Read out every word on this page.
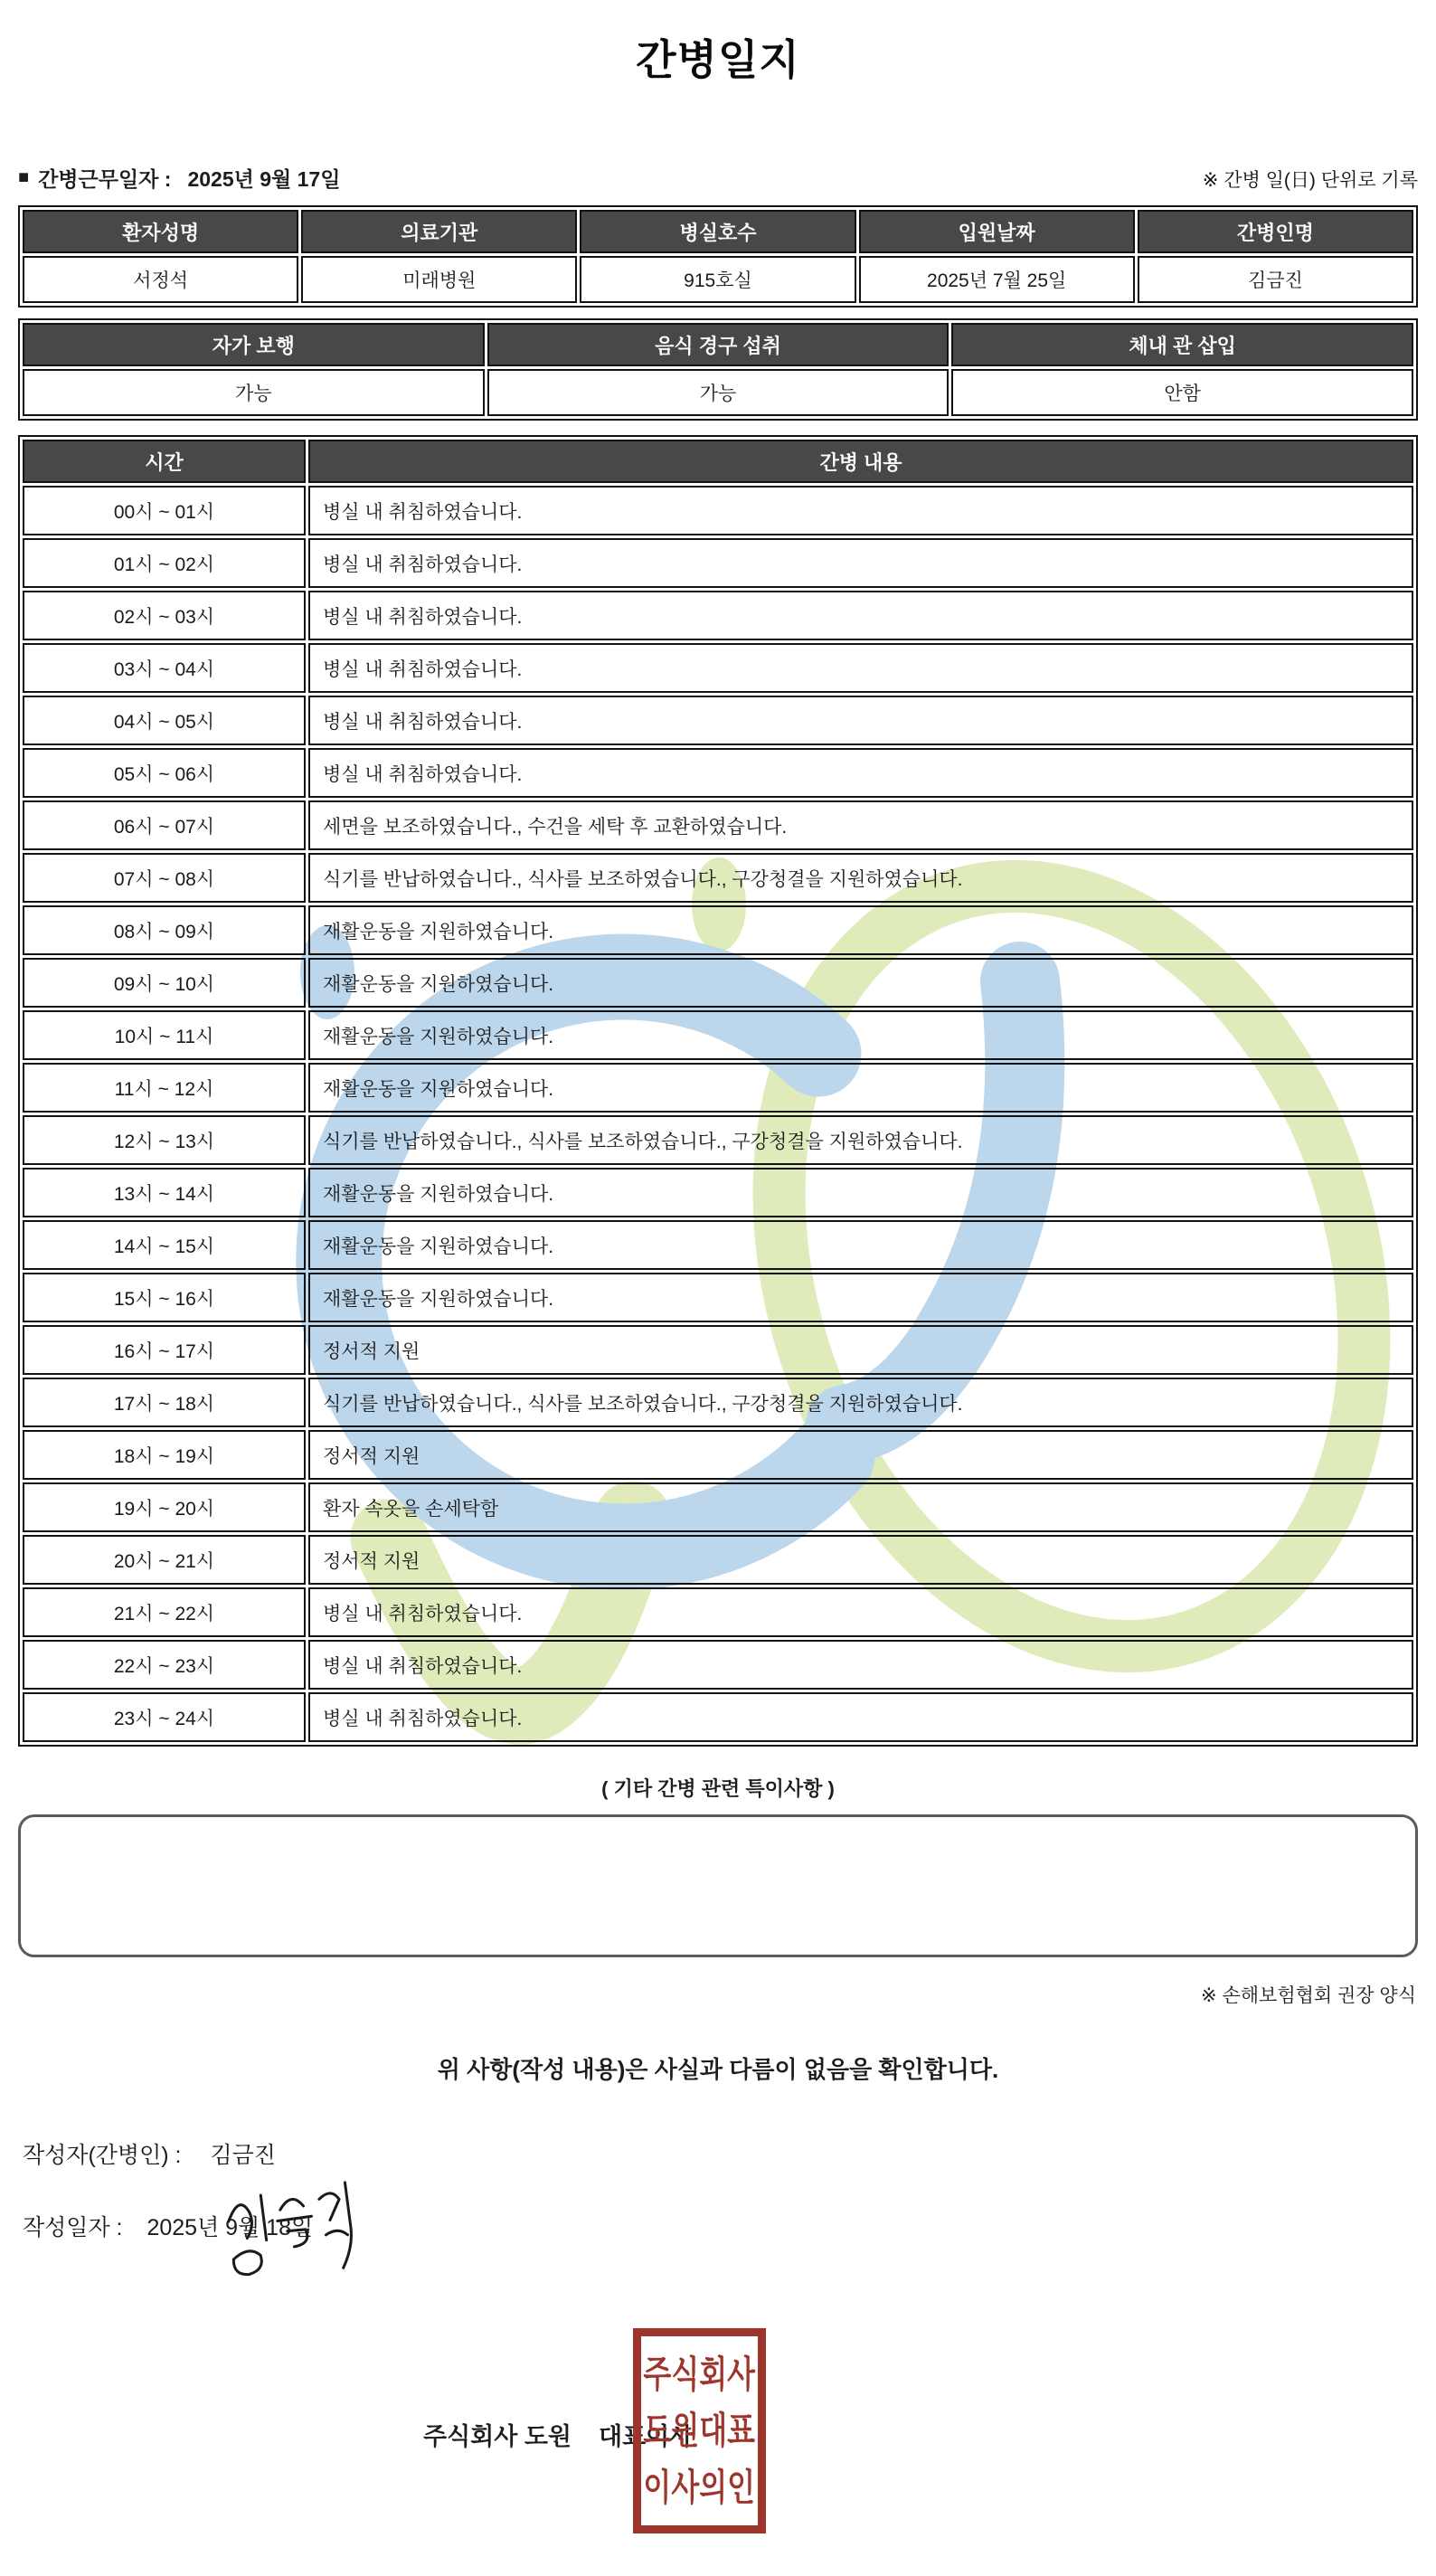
간병일지
■ 간병근무일자 : 2025년 9월 17일	※ 간병 일(日) 단위로 기록
환자성명	의료기관	병실호수	입원날짜	간병인명
서정석	미래병원	915호실	2025년 7월 25일	김금진
자가 보행	음식 경구 섭취	체내 관 삽입
가능	가능	안함
시간	간병 내용
00시 ~ 01시	병실 내 취침하였습니다.
01시 ~ 02시	병실 내 취침하였습니다.
02시 ~ 03시	병실 내 취침하였습니다.
03시 ~ 04시	병실 내 취침하였습니다.
04시 ~ 05시	병실 내 취침하였습니다.
05시 ~ 06시	병실 내 취침하였습니다.
06시 ~ 07시	세면을 보조하였습니다., 수건을 세탁 후 교환하였습니다.
07시 ~ 08시	식기를 반납하였습니다., 식사를 보조하였습니다., 구강청결을 지원하였습니다.
08시 ~ 09시	재활운동을 지원하였습니다.
09시 ~ 10시	재활운동을 지원하였습니다.
10시 ~ 11시	재활운동을 지원하였습니다.
11시 ~ 12시	재활운동을 지원하였습니다.
12시 ~ 13시	식기를 반납하였습니다., 식사를 보조하였습니다., 구강청결을 지원하였습니다.
13시 ~ 14시	재활운동을 지원하였습니다.
14시 ~ 15시	재활운동을 지원하였습니다.
15시 ~ 16시	재활운동을 지원하였습니다.
16시 ~ 17시	정서적 지원
17시 ~ 18시	식기를 반납하였습니다., 식사를 보조하였습니다., 구강청결을 지원하였습니다.
18시 ~ 19시	정서적 지원
19시 ~ 20시	환자 속옷을 손세탁함
20시 ~ 21시	정서적 지원
21시 ~ 22시	병실 내 취침하였습니다.
22시 ~ 23시	병실 내 취침하였습니다.
23시 ~ 24시	병실 내 취침하였습니다.
( 기타 간병 관련 특이사항 )
※ 손해보험협회 권장 양식
위 사항(작성 내용)은 사실과 다름이 없음을 확인합니다.
작성자(간병인) : 김금진
작성일자 : 2025년 9월 18일
주식회사 도원    대표이사
주식회사
도원대표
이사의인
